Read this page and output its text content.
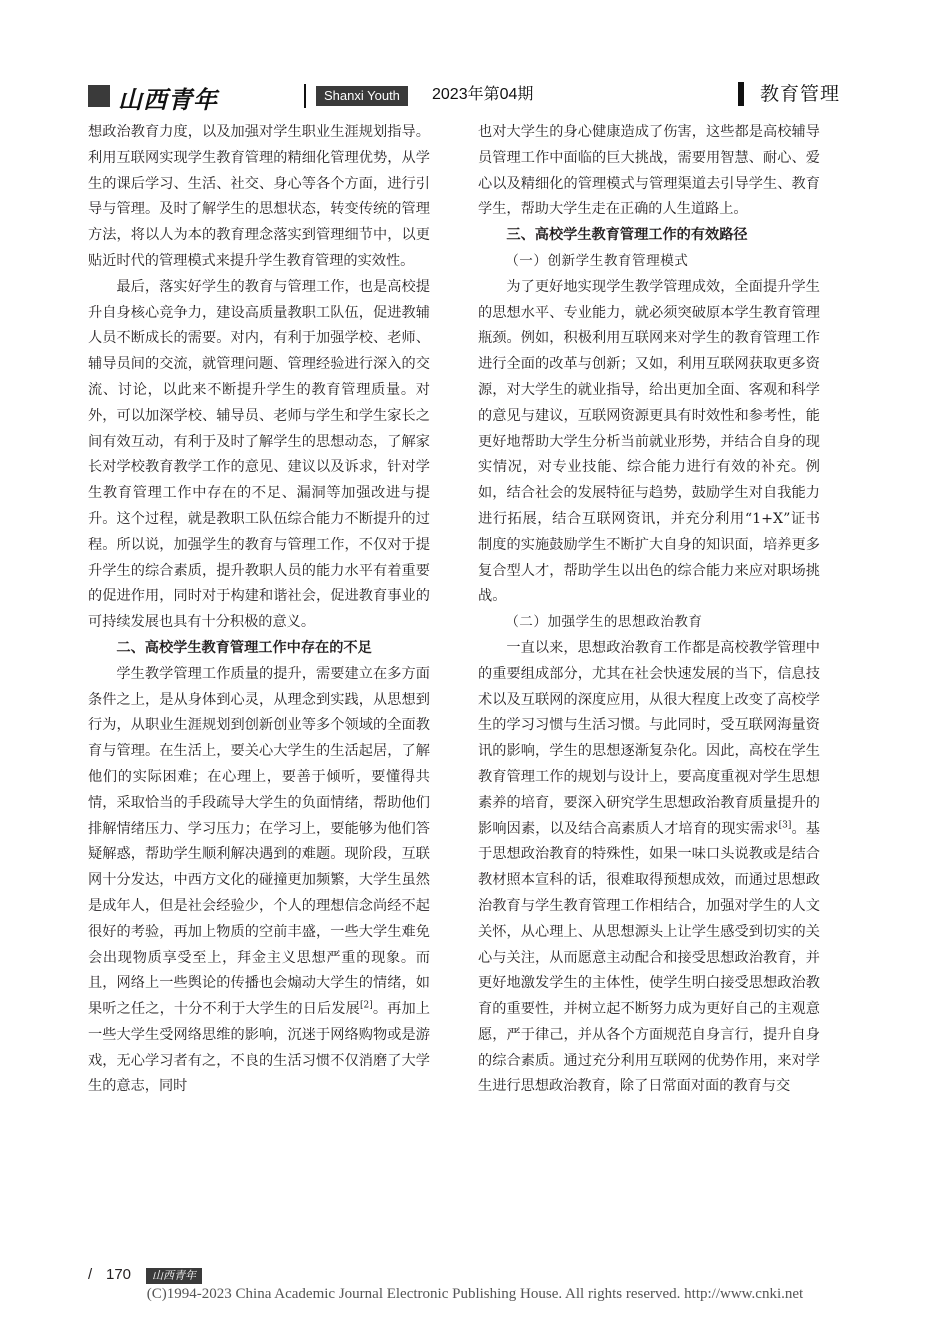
山西青年	Shanxi Youth	2023年第04期	教育管理

想政治教育力度，以及加强对学生职业生涯规划指导。利用互联网实现学生教育管理的精细化管理优势，从学生的课后学习、生活、社交、身心等各个方面，进行引导与管理。及时了解学生的思想状态，转变传统的管理方法，将以人为本的教育理念落实到管理细节中，以更贴近时代的管理模式来提升学生教育管理的实效性。

最后，落实好学生的教育与管理工作，也是高校提升自身核心竞争力，建设高质量教职工队伍，促进教辅人员不断成长的需要。对内，有利于加强学校、老师、辅导员间的交流，就管理问题、管理经验进行深入的交流、讨论，以此来不断提升学生的教育管理质量。对外，可以加深学校、辅导员、老师与学生和学生家长之间有效互动，有利于及时了解学生的思想动态，了解家长对学校教育教学工作的意见、建议以及诉求，针对学生教育管理工作中存在的不足、漏洞等加强改进与提升。这个过程，就是教职工队伍综合能力不断提升的过程。所以说，加强学生的教育与管理工作，不仅对于提升学生的综合素质，提升教职人员的能力水平有着重要的促进作用，同时对于构建和谐社会，促进教育事业的可持续发展也具有十分积极的意义。

二、高校学生教育管理工作中存在的不足

学生教学管理工作质量的提升，需要建立在多方面条件之上，是从身体到心灵，从理念到实践，从思想到行为，从职业生涯规划到创新创业等多个领域的全面教育与管理。在生活上，要关心大学生的生活起居，了解他们的实际困难；在心理上，要善于倾听，要懂得共情，采取恰当的手段疏导大学生的负面情绪，帮助他们排解情绪压力、学习压力；在学习上，要能够为他们答疑解惑，帮助学生顺利解决遇到的难题。现阶段，互联网十分发达，中西方文化的碰撞更加频繁，大学生虽然是成年人，但是社会经验少，个人的理想信念尚经不起很好的考验，再加上物质的空前丰盛，一些大学生难免会出现物质享受至上，拜金主义思想严重的现象。而且，网络上一些舆论的传播也会煽动大学生的情绪，如果听之任之，十分不利于大学生的日后发展[2]。再加上一些大学生受网络思维的影响，沉迷于网络购物或是游戏，无心学习者有之，不良的生活习惯不仅消磨了大学生的意志，同时

也对大学生的身心健康造成了伤害，这些都是高校辅导员管理工作中面临的巨大挑战，需要用智慧、耐心、爱心以及精细化的管理模式与管理渠道去引导学生、教育学生，帮助大学生走在正确的人生道路上。

三、高校学生教育管理工作的有效路径
（一）创新学生教育管理模式

为了更好地实现学生教学管理成效，全面提升学生的思想水平、专业能力，就必须突破原本学生教育管理瓶颈。例如，积极利用互联网来对学生的教育管理工作进行全面的改革与创新；又如，利用互联网获取更多资源，对大学生的就业指导，给出更加全面、客观和科学的意见与建议，互联网资源更具有时效性和参考性，能更好地帮助大学生分析当前就业形势，并结合自身的现实情况，对专业技能、综合能力进行有效的补充。例如，结合社会的发展特征与趋势，鼓励学生对自我能力进行拓展，结合互联网资讯，并充分利用“1+X”证书制度的实施鼓励学生不断扩大自身的知识面，培养更多复合型人才，帮助学生以出色的综合能力来应对职场挑战。

（二）加强学生的思想政治教育

一直以来，思想政治教育工作都是高校教学管理中的重要组成部分，尤其在社会快速发展的当下，信息技术以及互联网的深度应用，从很大程度上改变了高校学生的学习习惯与生活习惯。与此同时，受互联网海量资讯的影响，学生的思想逐渐复杂化。因此，高校在学生教育管理工作的规划与设计上，要高度重视对学生思想素养的培育，要深入研究学生思想政治教育质量提升的影响因素，以及结合高素质人才培育的现实需求[3]。基于思想政治教育的特殊性，如果一味口头说教或是结合教材照本宣科的话，很难取得预想成效，而通过思想政治教育与学生教育管理工作相结合，加强对学生的人文关怀，从心理上、从思想源头上让学生感受到切实的关心与关注，从而愿意主动配合和接受思想政治教育，并更好地激发学生的主体性，使学生明白接受思想政治教育的重要性，并树立起不断努力成为更好自己的主观意愿，严于律己，并从各个方面规范自身言行，提升自身的综合素质。通过充分利用互联网的优势作用，来对学生进行思想政治教育，除了日常面对面的教育与交

/ 170	山西青年
(C)1994-2023 China Academic Journal Electronic Publishing House. All rights reserved. http://www.cnki.net
